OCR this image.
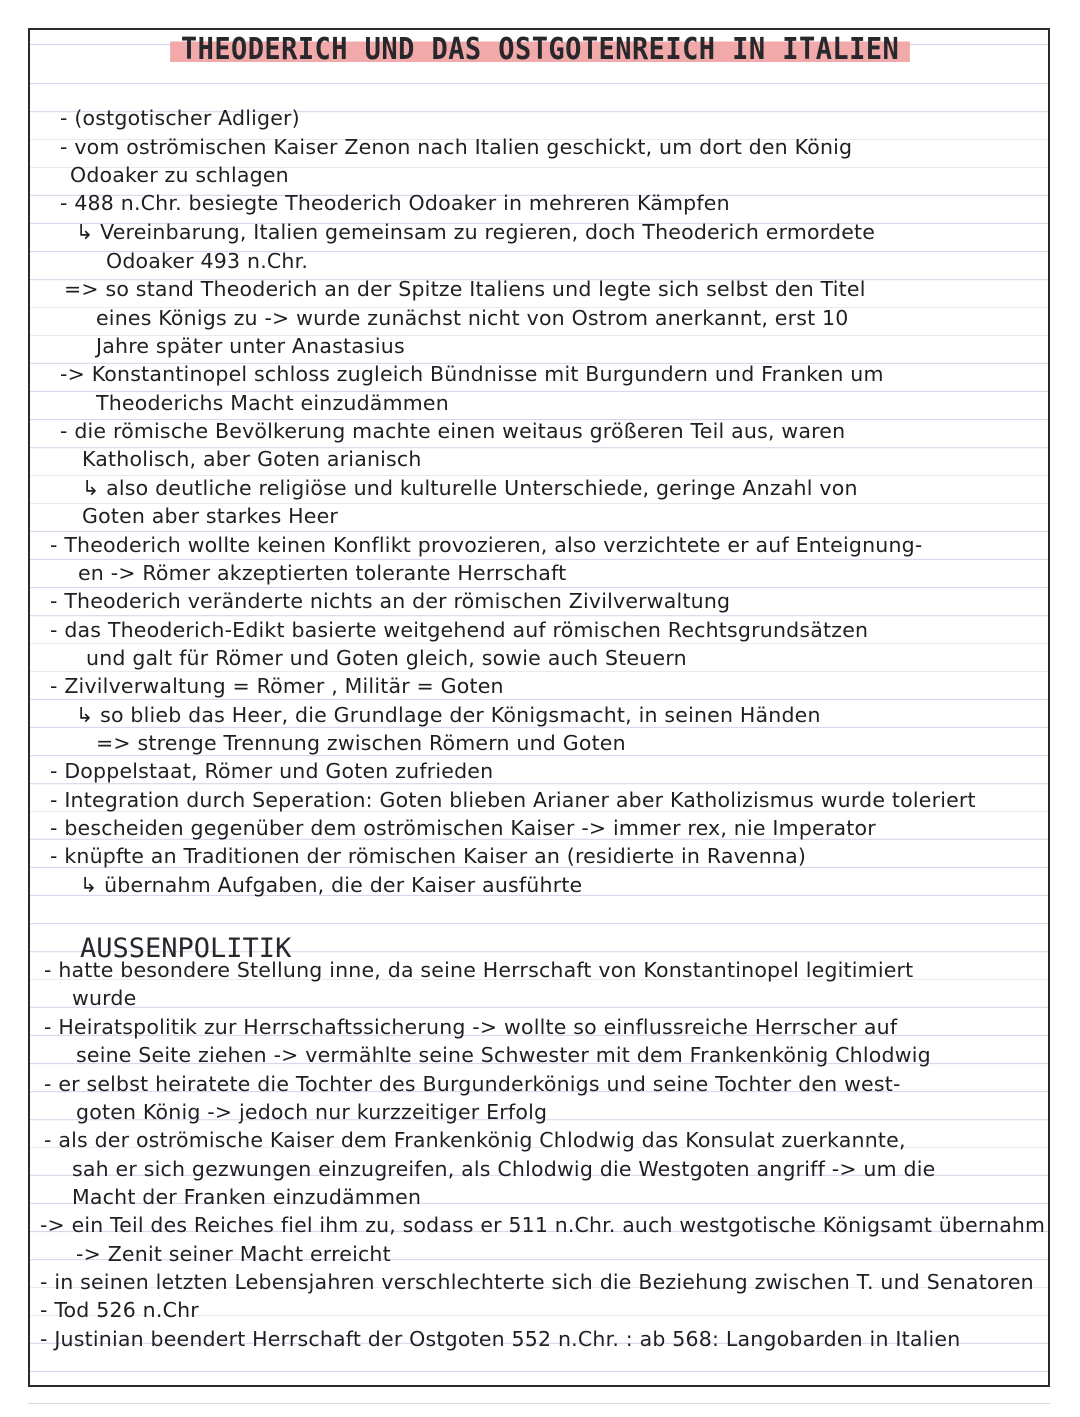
THEODERICH UND DAS OSTGOTENREICH IN ITALIEN
AUSSENPOLITIK
- (ostgotischer Adliger)
- vom oströmischen Kaiser Zenon nach Italien geschickt, um dort den König
Odoaker zu schlagen
- 488 n.Chr. besiegte Theoderich Odoaker in mehreren Kämpfen
↳ Vereinbarung, Italien gemeinsam zu regieren, doch Theoderich ermordete
Odoaker 493 n.Chr.
=> so stand Theoderich an der Spitze Italiens und legte sich selbst den Titel
eines Königs zu -> wurde zunächst nicht von Ostrom anerkannt, erst 10
Jahre später unter Anastasius
-> Konstantinopel schloss zugleich Bündnisse mit Burgundern und Franken um
Theoderichs Macht einzudämmen
- die römische Bevölkerung machte einen weitaus größeren Teil aus, waren
Katholisch, aber Goten arianisch
↳ also deutliche religiöse und kulturelle Unterschiede, geringe Anzahl von
Goten aber starkes Heer
- Theoderich wollte keinen Konflikt provozieren, also verzichtete er auf Enteignung-
en -> Römer akzeptierten tolerante Herrschaft
- Theoderich veränderte nichts an der römischen Zivilverwaltung
- das Theoderich-Edikt basierte weitgehend auf römischen Rechtsgrundsätzen
und galt für Römer und Goten gleich, sowie auch Steuern
- Zivilverwaltung = Römer , Militär = Goten
↳ so blieb das Heer, die Grundlage der Königsmacht, in seinen Händen
=> strenge Trennung zwischen Römern und Goten
- Doppelstaat, Römer und Goten zufrieden
- Integration durch Seperation: Goten blieben Arianer aber Katholizismus wurde toleriert
- bescheiden gegenüber dem oströmischen Kaiser -> immer rex, nie Imperator
- knüpfte an Traditionen der römischen Kaiser an (residierte in Ravenna)
↳ übernahm Aufgaben, die der Kaiser ausführte
- hatte besondere Stellung inne, da seine Herrschaft von Konstantinopel legitimiert
wurde
- Heiratspolitik zur Herrschaftssicherung -> wollte so einflussreiche Herrscher auf
seine Seite ziehen -> vermählte seine Schwester mit dem Frankenkönig Chlodwig
- er selbst heiratete die Tochter des Burgunderkönigs und seine Tochter den west-
goten König -> jedoch nur kurzzeitiger Erfolg
- als der oströmische Kaiser dem Frankenkönig Chlodwig das Konsulat zuerkannte,
sah er sich gezwungen einzugreifen, als Chlodwig die Westgoten angriff -> um die
Macht der Franken einzudämmen
-> ein Teil des Reiches fiel ihm zu, sodass er 511 n.Chr. auch westgotische Königsamt übernahm
-> Zenit seiner Macht erreicht
- in seinen letzten Lebensjahren verschlechterte sich die Beziehung zwischen T. und Senatoren
- Tod 526 n.Chr
- Justinian beendert Herrschaft der Ostgoten 552 n.Chr. : ab 568: Langobarden in Italien
